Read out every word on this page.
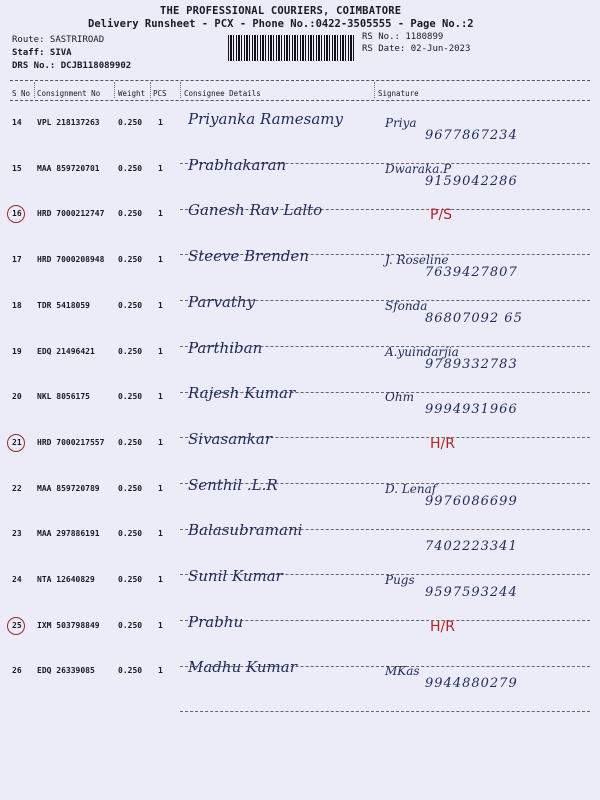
THE PROFESSIONAL COURIERS, COIMBATORE
Delivery Runsheet - PCX - Phone No.:0422-3505555 - Page No.:2
Route: SASTRIROAD
Staff: SIVA
DRS No.: DCJB118089902
RS No.: 1180899
RS Date: 02-Jun-2023
S No Consignment No Weight PCS Consignee Details	Signature
14 VPL 218137263 0.250 1 Priyanka Ramesamy	Priya
9677867234
15 MAA 859720701 0.250 1 Prabhakaran	Dwaraka.P
9159042286
16 HRD 7000212747 0.250 1 Ganesh Rav Lalto	P/S
17 HRD 7000208948 0.250 1 Steeve Brenden	J. Roseline
7639427807
18 TDR 5418059	0.250 1 Parvathy	Sfonda
86807092 65
19 EDQ 21496421	0.250 1 Parthiban	A.yuindarjia
9789332783
20 NKL 8056175	0.250 1 Rajesh Kumar	Ohm
9994931966
21 HRD 7000217557 0.250 1 Sivasankar	H/R
22 MAA 859720789 0.250 1 Senthil .L.R	D. Lenaf
9976086699
23 MAA 297886191 0.250 1 Balasubramani
7402223341
24 NTA 12640829	0.250 1 Sunil Kumar	Pugs
9597593244
25 IXM 503798849 0.250 1 Prabhu	H/R
26 EDQ 26339085	0.250 1 Madhu Kumar	MKas
9944880279
